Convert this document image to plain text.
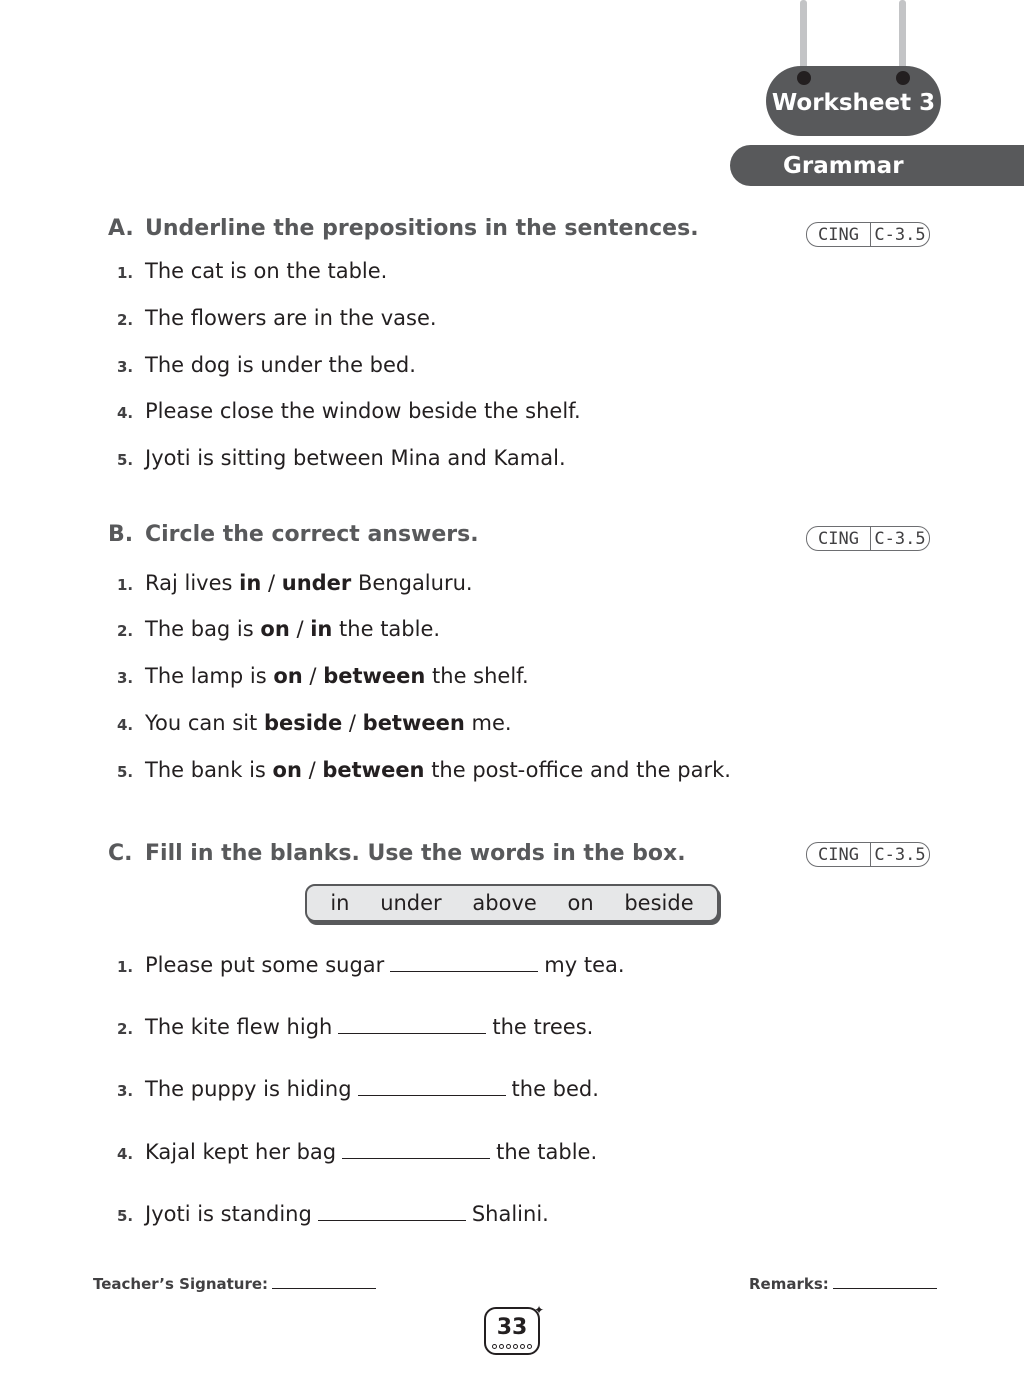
Worksheet 3
Grammar
A. Underline the prepositions in the sentences.	CING C-3.5
1. The cat is on the table.
2. The flowers are in the vase.
3. The dog is under the bed.
4. Please close the window beside the shelf.
5. Jyoti is sitting between Mina and Kamal.
B. Circle the correct answers.	CING C-3.5
1. Raj lives in / under Bengaluru.
2. The bag is on / in the table.
3. The lamp is on / between the shelf.
4. You can sit beside / between me.
5. The bank is on / between the post-office and the park.
C. Fill in the blanks. Use the words in the box.	CING C-3.5
in under above on beside
1. Please put some sugar	my tea.
2. The kite flew high	the trees.
3. The puppy is hiding	the bed.
4. Kajal kept her bag	the table.
5. Jyoti is standing	Shalini.
Teacher’s Signature:	Remarks:
33
✦
